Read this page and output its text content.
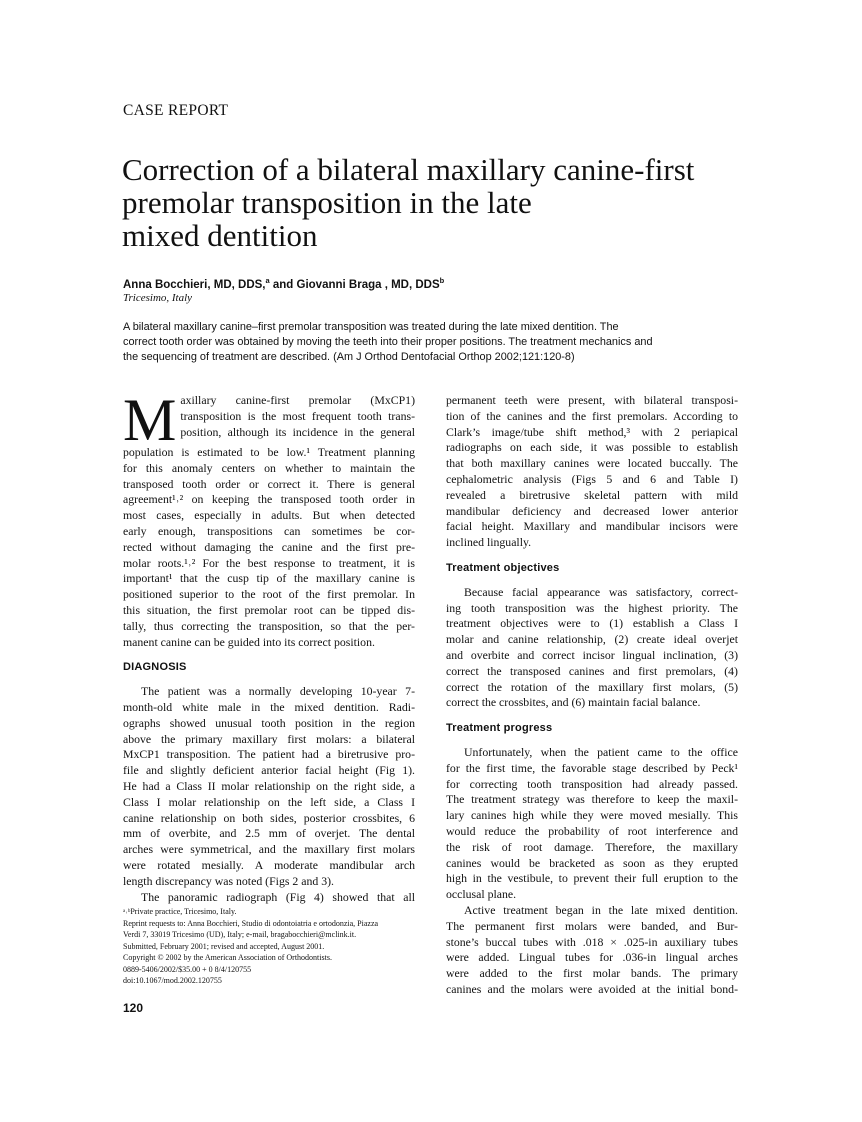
CASE REPORT
Correction of a bilateral maxillary canine-first
premolar transposition in the late
mixed dentition
Anna Bocchieri, MD, DDS,$^a$ and Giovanni Braga , MD, DDS$^b$
Tricesimo, Italy
A bilateral maxillary canine–first premolar transposition was treated during the late mixed dentition. The
correct tooth order was obtained by moving the teeth into their proper positions. The treatment mechanics and
the sequencing of treatment are described. (Am J Orthod Dentofacial Orthop 2002;121:120-8)
M axillary canine-first premolar (MxCP1)
transposition is the most frequent tooth trans-
position, although its incidence in the general
population is estimated to be low.¹ Treatment planning
for this anomaly centers on whether to maintain the
transposed tooth order or correct it. There is general
agreement¹˒² on keeping the transposed tooth order in
most cases, especially in adults. But when detected
early enough, transpositions can sometimes be cor-
rected without damaging the canine and the first pre-
molar roots.¹˒² For the best response to treatment, it is
important¹ that the cusp tip of the maxillary canine is
positioned superior to the root of the first premolar. In
this situation, the first premolar root can be tipped dis-
tally, thus correcting the transposition, so that the per-
manent canine can be guided into its correct position.
DIAGNOSIS
The patient was a normally developing 10-year 7-
month-old white male in the mixed dentition. Radi-
ographs showed unusual tooth position in the region
above the primary maxillary first molars: a bilateral
MxCP1 transposition. The patient had a biretrusive pro-
file and slightly deficient anterior facial height (Fig 1).
He had a Class II molar relationship on the right side, a
Class I molar relationship on the left side, a Class I
canine relationship on both sides, posterior crossbites, 6
mm of overbite, and 2.5 mm of overjet. The dental
arches were symmetrical, and the maxillary first molars
were rotated mesially. A moderate mandibular arch
length discrepancy was noted (Figs 2 and 3).
The panoramic radiograph (Fig 4) showed that all
ᵃ˒ᵇPrivate practice, Tricesimo, Italy.
Reprint requests to: Anna Bocchieri, Studio di odontoiatria e ortodonzia, Piazza
Verdi 7, 33019 Tricesimo (UD), Italy; e-mail, bragabocchieri@mclink.it.
Submitted, February 2001; revised and accepted, August 2001.
Copyright © 2002 by the American Association of Orthodontists.
0889-5406/2002/$35.00 + 0 8/4/120755
doi:10.1067/mod.2002.120755
120
permanent teeth were present, with bilateral transposi-
tion of the canines and the first premolars. According to
Clark’s image/tube shift method,³ with 2 periapical
radiographs on each side, it was possible to establish
that both maxillary canines were located buccally. The
cephalometric analysis (Figs 5 and 6 and Table I)
revealed a biretrusive skeletal pattern with mild
mandibular deficiency and decreased lower anterior
facial height. Maxillary and mandibular incisors were
inclined lingually.
Treatment objectives
Because facial appearance was satisfactory, correct-
ing tooth transposition was the highest priority. The
treatment objectives were to (1) establish a Class I
molar and canine relationship, (2) create ideal overjet
and overbite and correct incisor lingual inclination, (3)
correct the transposed canines and first premolars, (4)
correct the rotation of the maxillary first molars, (5)
correct the crossbites, and (6) maintain facial balance.
Treatment progress
Unfortunately, when the patient came to the office
for the first time, the favorable stage described by Peck¹
for correcting tooth transposition had already passed.
The treatment strategy was therefore to keep the maxil-
lary canines high while they were moved mesially. This
would reduce the probability of root interference and
the risk of root damage. Therefore, the maxillary
canines would be bracketed as soon as they erupted
high in the vestibule, to prevent their full eruption to the
occlusal plane.
Active treatment began in the late mixed dentition.
The permanent first molars were banded, and Bur-
stone’s buccal tubes with .018 × .025-in auxiliary tubes
were added. Lingual tubes for .036-in lingual arches
were added to the first molar bands. The primary
canines and the molars were avoided at the initial bond-
